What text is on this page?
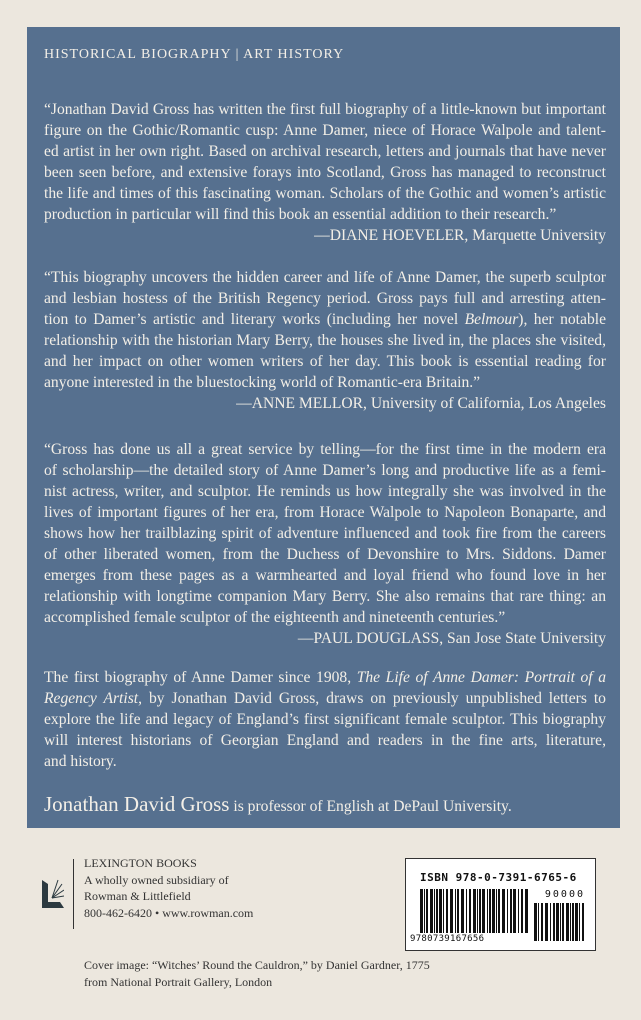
HISTORICAL BIOGRAPHY | ART HISTORY
“Jonathan David Gross has written the first full biography of a little-known but important
figure on the Gothic/Romantic cusp: Anne Damer, niece of Horace Walpole and talent-
ed artist in her own right. Based on archival research, letters and journals that have never
been seen before, and extensive forays into Scotland, Gross has managed to reconstruct
the life and times of this fascinating woman. Scholars of the Gothic and women’s artistic
production in particular will find this book an essential addition to their research.”
—DIANE HOEVELER, Marquette University
“This biography uncovers the hidden career and life of Anne Damer, the superb sculptor
and lesbian hostess of the British Regency period. Gross pays full and arresting atten-
tion to Damer’s artistic and literary works (including her novel Belmour), her notable
relationship with the historian Mary Berry, the houses she lived in, the places she visited,
and her impact on other women writers of her day. This book is essential reading for
anyone interested in the bluestocking world of Romantic-era Britain.”
—ANNE MELLOR, University of California, Los Angeles
“Gross has done us all a great service by telling—for the first time in the modern era
of scholarship—the detailed story of Anne Damer’s long and productive life as a femi-
nist actress, writer, and sculptor. He reminds us how integrally she was involved in the
lives of important figures of her era, from Horace Walpole to Napoleon Bonaparte, and
shows how her trailblazing spirit of adventure influenced and took fire from the careers
of other liberated women, from the Duchess of Devonshire to Mrs. Siddons. Damer
emerges from these pages as a warmhearted and loyal friend who found love in her
relationship with longtime companion Mary Berry. She also remains that rare thing: an
accomplished female sculptor of the eighteenth and nineteenth centuries.”
—PAUL DOUGLASS, San Jose State University
The first biography of Anne Damer since 1908, The Life of Anne Damer: Portrait of a
Regency Artist, by Jonathan David Gross, draws on previously unpublished letters to
explore the life and legacy of England’s first significant female sculptor. This biography
will interest historians of Georgian England and readers in the fine arts, literature,
and history.
Jonathan David Gross is professor of English at DePaul University.
LEXINGTON BOOKS
A wholly owned subsidiary of
Rowman & Littlefield
800-462-6420 • www.rowman.com
ISBN 978-0-7391-6765-6
90000
9780739167656
Cover image: “Witches’ Round the Cauldron,” by Daniel Gardner, 1775
from National Portrait Gallery, London
